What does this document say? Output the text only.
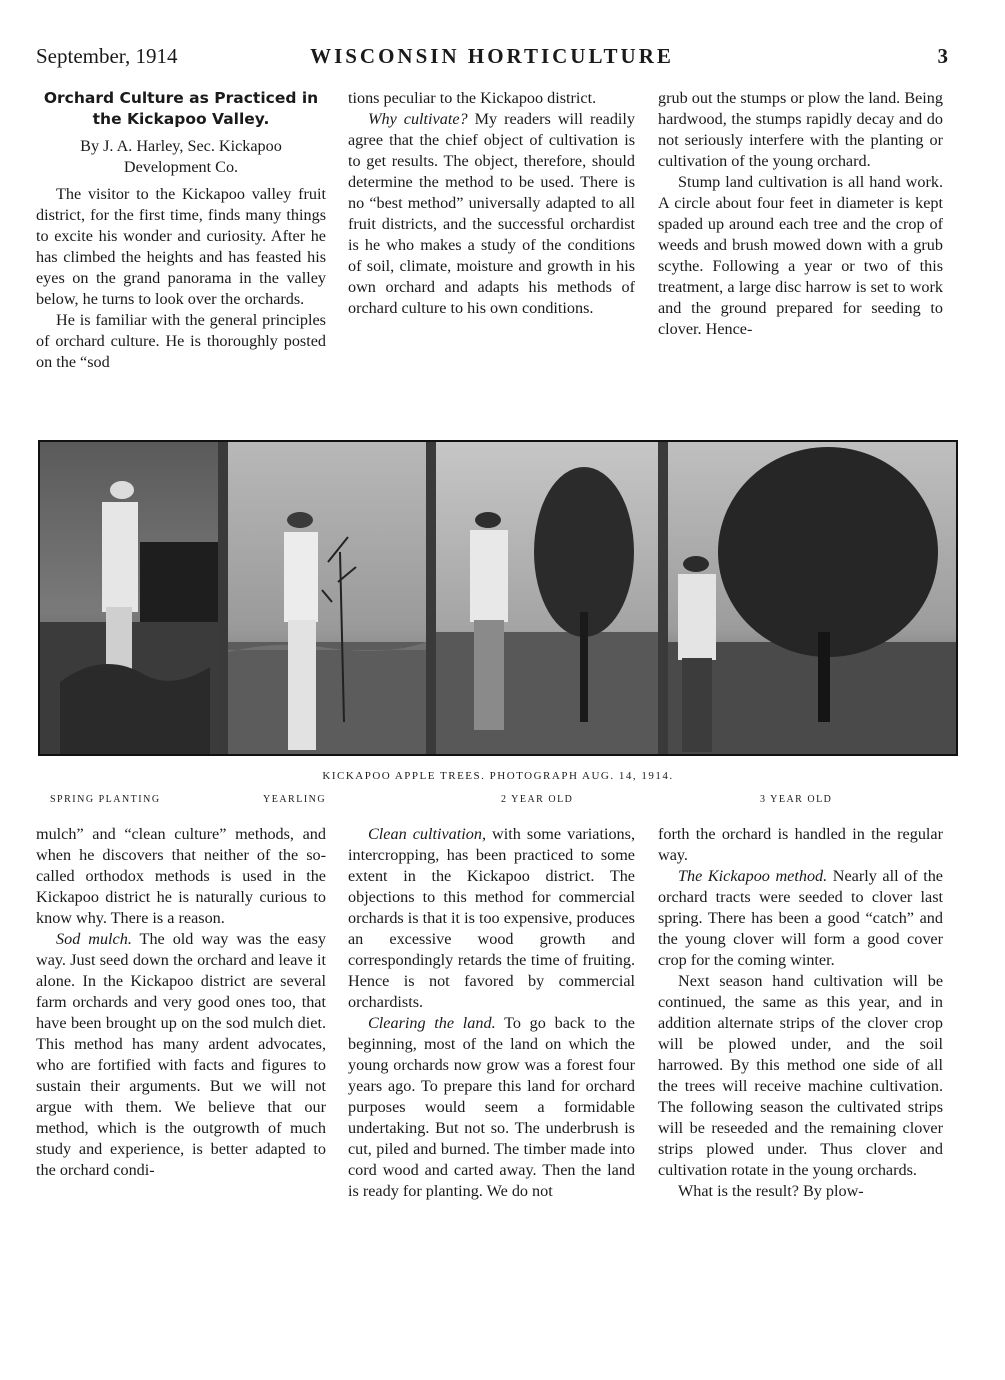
September, 1914	WISCONSIN HORTICULTURE	3
Orchard Culture as Practiced in
the Kickapoo Valley.
By J. A. Harley, Sec. Kickapoo
Development Co.

The visitor to the Kickapoo valley fruit district, for the first time, finds many things to excite his wonder and curiosity. After he has climbed the heights and has feasted his eyes on the grand panorama in the valley below, he turns to look over the orchards.

He is familiar with the general principles of orchard culture. He is thoroughly posted on the “sod

tions peculiar to the Kickapoo district.

Why cultivate? My readers will readily agree that the chief object of cultivation is to get results. The object, therefore, should determine the method to be used. There is no “best method” universally adapted to all fruit districts, and the successful orchardist is he who makes a study of the conditions of soil, climate, moisture and growth in his own orchard and adapts his methods of orchard culture to his own conditions.

grub out the stumps or plow the land. Being hardwood, the stumps rapidly decay and do not seriously interfere with the planting or cultivation of the young orchard.

Stump land cultivation is all hand work. A circle about four feet in diameter is kept spaded up around each tree and the crop of weeds and brush mowed down with a grub scythe. Following a year or two of this treatment, a large disc harrow is set to work and the ground prepared for seeding to clover. Hence-

KICKAPOO APPLE TREES. PHOTOGRAPH AUG. 14, 1914.
SPRING PLANTING	YEARLING	2 YEAR OLD	3 YEAR OLD

mulch” and “clean culture” methods, and when he discovers that neither of the so-called orthodox methods is used in the Kickapoo district he is naturally curious to know why. There is a reason.

Sod mulch. The old way was the easy way. Just seed down the orchard and leave it alone. In the Kickapoo district are several farm orchards and very good ones too, that have been brought up on the sod mulch diet. This method has many ardent advocates, who are fortified with facts and figures to sustain their arguments. But we will not argue with them. We believe that our method, which is the outgrowth of much study and experience, is better adapted to the orchard condi-

Clean cultivation, with some variations, intercropping, has been practiced to some extent in the Kickapoo district. The objections to this method for commercial orchards is that it is too expensive, produces an excessive wood growth and correspondingly retards the time of fruiting. Hence is not favored by commercial orchardists.

Clearing the land. To go back to the beginning, most of the land on which the young orchards now grow was a forest four years ago. To prepare this land for orchard purposes would seem a formidable undertaking. But not so. The underbrush is cut, piled and burned. The timber made into cord wood and carted away. Then the land is ready for planting. We do not

forth the orchard is handled in the regular way.

The Kickapoo method. Nearly all of the orchard tracts were seeded to clover last spring. There has been a good “catch” and the young clover will form a good cover crop for the coming winter.

Next season hand cultivation will be continued, the same as this year, and in addition alternate strips of the clover crop will be plowed under, and the soil harrowed. By this method one side of all the trees will receive machine cultivation. The following season the cultivated strips will be reseeded and the remaining clover strips plowed under. Thus clover and cultivation rotate in the young orchards.

What is the result? By plow-
